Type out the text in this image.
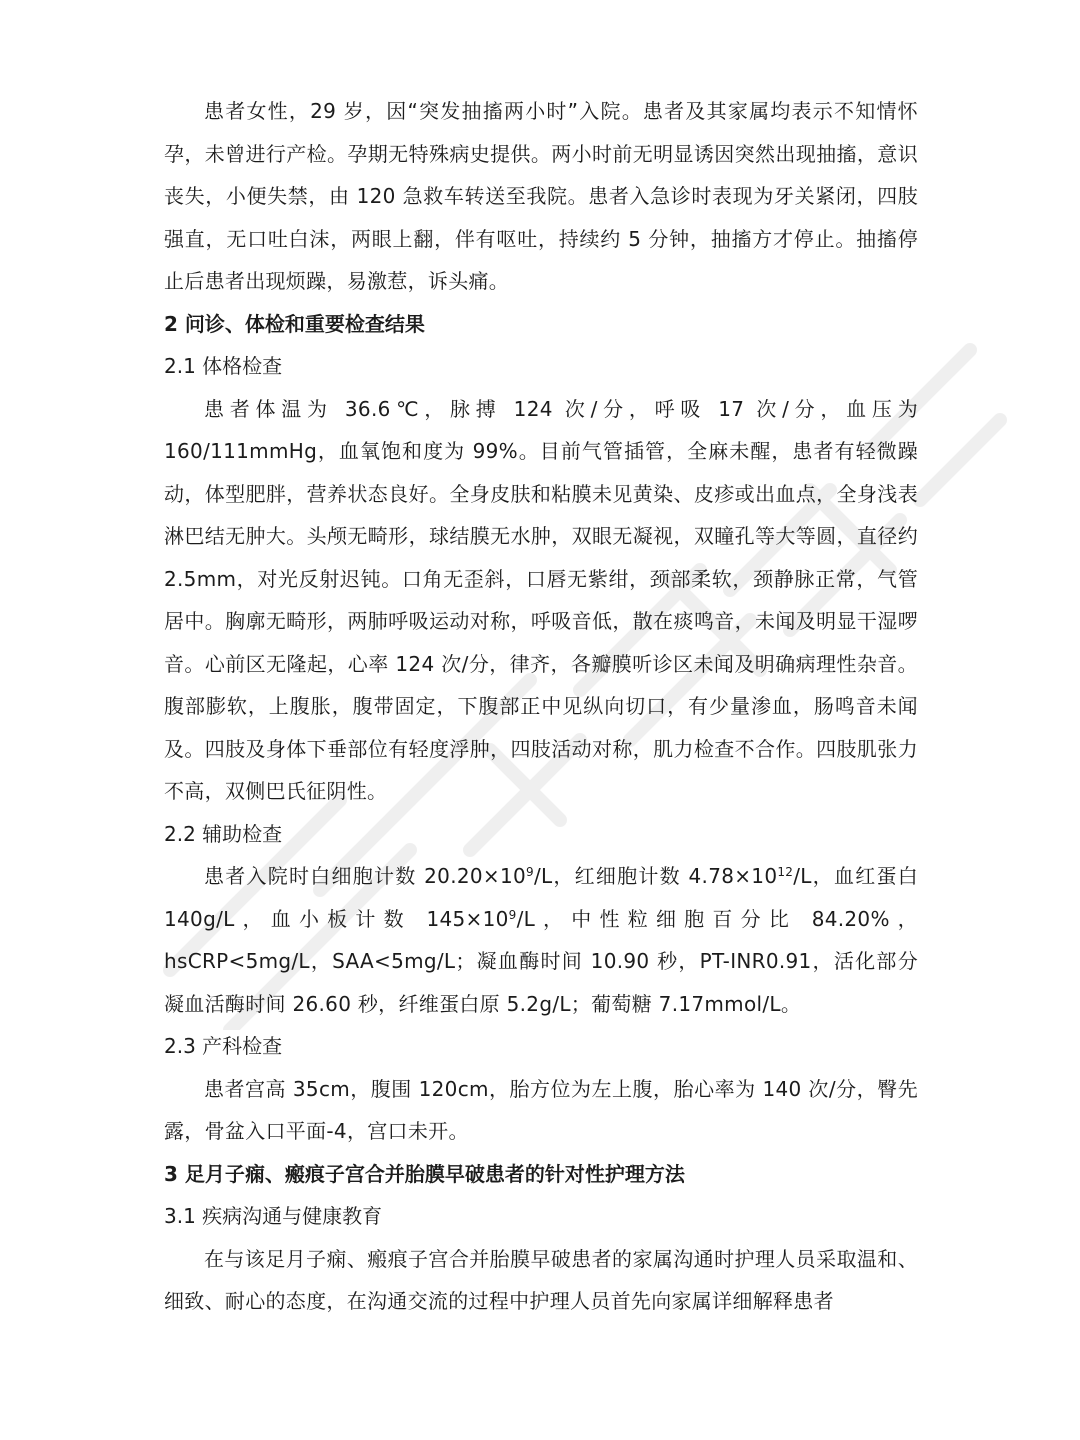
患者女性，29 岁，因“突发抽搐两小时”入院。患者及其家属均表示不知情怀孕，未曾进行产检。孕期无特殊病史提供。两小时前无明显诱因突然出现抽搐，意识丧失，小便失禁，由 120 急救车转送至我院。患者入急诊时表现为牙关紧闭，四肢强直，无口吐白沫，两眼上翻，伴有呕吐，持续约 5 分钟，抽搐方才停止。抽搐停止后患者出现烦躁，易激惹，诉头痛。

2 问诊、体检和重要检查结果

2.1 体格检查

患者体温为 36.6℃，脉搏 124 次/分，呼吸 17 次/分，血压为 160/111mmHg，血氧饱和度为 99%。目前气管插管，全麻未醒，患者有轻微躁动，体型肥胖，营养状态良好。全身皮肤和粘膜未见黄染、皮疹或出血点，全身浅表淋巴结无肿大。头颅无畸形，球结膜无水肿，双眼无凝视，双瞳孔等大等圆，直径约 2.5mm，对光反射迟钝。口角无歪斜，口唇无紫绀，颈部柔软，颈静脉正常，气管居中。胸廓无畸形，两肺呼吸运动对称，呼吸音低，散在痰鸣音，未闻及明显干湿啰音。心前区无隆起，心率 124 次/分，律齐，各瓣膜听诊区未闻及明确病理性杂音。腹部膨软，上腹胀，腹带固定，下腹部正中见纵向切口，有少量渗血，肠鸣音未闻及。四肢及身体下垂部位有轻度浮肿，四肢活动对称，肌力检查不合作。四肢肌张力不高，双侧巴氏征阴性。

2.2 辅助检查

患者入院时白细胞计数 $20.20\times 10^9/L$，红细胞计数 $4.78\times 10^{12}/L$，血红蛋白 140g/L，血小板计数 $145\times 10^9/L$，中性粒细胞百分比 84.20%，hsCRP<5mg/L，SAA<5mg/L；凝血酶时间 10.90 秒，PT-INR0.91，活化部分凝血活酶时间 26.60 秒，纤维蛋白原 5.2g/L；葡萄糖 7.17mmol/L。

2.3 产科检查

患者宫高 35cm，腹围 120cm，胎方位为左上腹，胎心率为 140 次/分，臀先露，骨盆入口平面-4，宫口未开。

3 足月子痫、瘢痕子宫合并胎膜早破患者的针对性护理方法

3.1 疾病沟通与健康教育

在与该足月子痫、瘢痕子宫合并胎膜早破患者的家属沟通时护理人员采取温和、细致、耐心的态度，在沟通交流的过程中护理人员首先向家属详细解释患者
